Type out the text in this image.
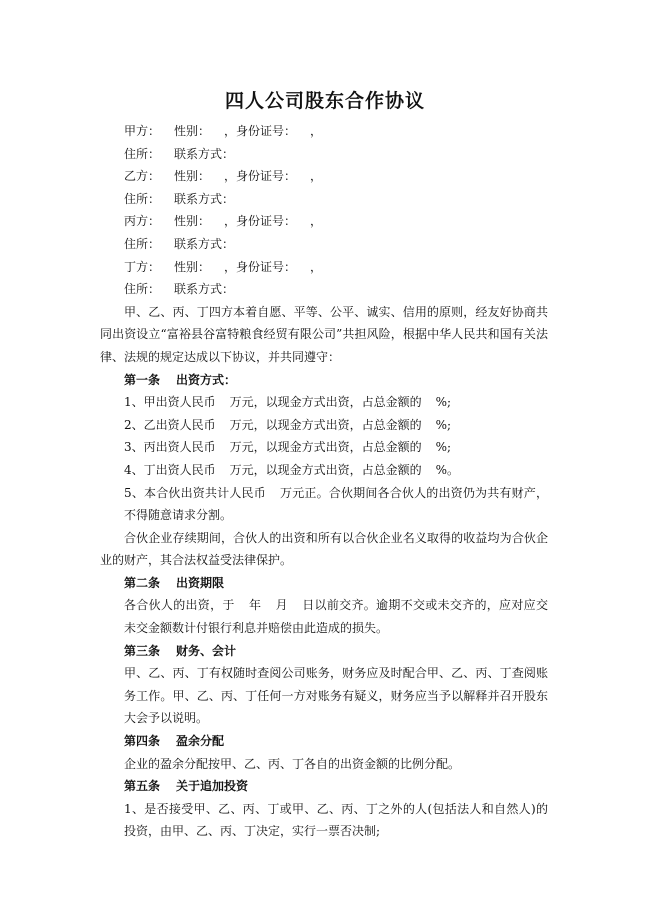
四人公司股东合作协议

甲方： 性别： ，身份证号： ，

住所： 联系方式：

乙方： 性别： ，身份证号： ，

住所： 联系方式：

丙方： 性别： ，身份证号： ，

住所： 联系方式：

丁方： 性别： ，身份证号： ，

住所： 联系方式：

甲、乙、丙、丁四方本着自愿、平等、公平、诚实、信用的原则，经友好协商共同出资设立“富裕县谷富特粮食经贸有限公司”共担风险，根据中华人民共和国有关法律、法规的规定达成以下协议，并共同遵守：

第一条 出资方式：

1、甲出资人民币 万元，以现金方式出资，占总金额的 %;

2、乙出资人民币 万元，以现金方式出资，占总金额的 %;

3、丙出资人民币 万元，以现金方式出资，占总金额的 %;

4、丁出资人民币 万元，以现金方式出资，占总金额的 %。

5、本合伙出资共计人民币 万元正。合伙期间各合伙人的出资仍为共有财产，不得随意请求分割。

合伙企业存续期间，合伙人的出资和所有以合伙企业名义取得的收益均为合伙企业的财产，其合法权益受法律保护。

第二条 出资期限

各合伙人的出资，于 年 月 日以前交齐。逾期不交或未交齐的，应对应交未交金额数计付银行利息并赔偿由此造成的损失。

第三条 财务、会计

甲、乙、丙、丁有权随时查阅公司账务，财务应及时配合甲、乙、丙、丁查阅账务工作。甲、乙、丙、丁任何一方对账务有疑义，财务应当予以解释并召开股东大会予以说明。

第四条 盈余分配

企业的盈余分配按甲、乙、丙、丁各自的出资金额的比例分配。

第五条 关于追加投资

1、是否接受甲、乙、丙、丁或甲、乙、丙、丁之外的人(包括法人和自然人)的投资，由甲、乙、丙、丁决定，实行一票否决制;
